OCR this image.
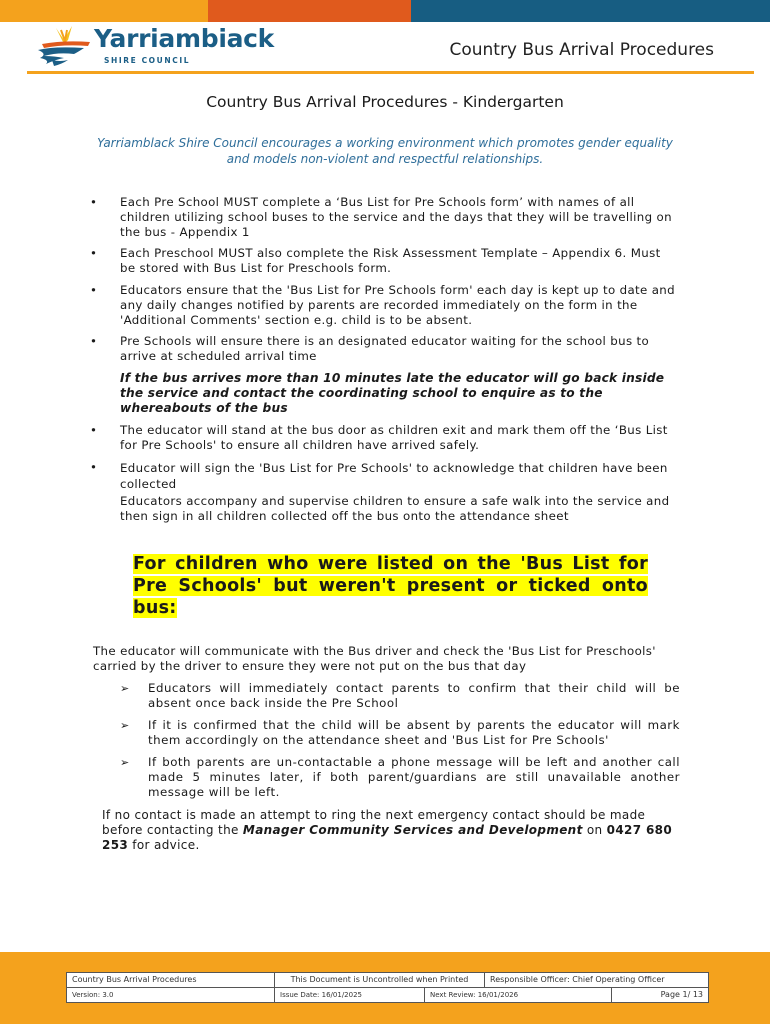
Yarriambiack
SHIRE COUNCIL
Country Bus Arrival Procedures
Country Bus Arrival Procedures - Kindergarten
Yarriamblack Shire Council encourages a working environment which promotes gender equality and models non-violent and respectful relationships.
• Each Pre School MUST complete a ‘Bus List for Pre Schools form’ with names of all children utilizing school buses to the service and the days that they will be travelling on the bus - Appendix 1
• Each Preschool MUST also complete the Risk Assessment Template – Appendix 6. Must be stored with Bus List for Preschools form.
• Educators ensure that the 'Bus List for Pre Schools form' each day is kept up to date and any daily changes notified by parents are recorded immediately on the form in the 'Additional Comments' section e.g. child is to be absent.
• Pre Schools will ensure there is an designated educator waiting for the school bus to arrive at scheduled arrival time
If the bus arrives more than 10 minutes late the educator will go back inside the service and contact the coordinating school to enquire as to the whereabouts of the bus
• The educator will stand at the bus door as children exit and mark them off the ‘Bus List for Pre Schools' to ensure all children have arrived safely.
• Educator will sign the 'Bus List for Pre Schools' to acknowledge that children have been collected
Educators accompany and supervise children to ensure a safe walk into the service and then sign in all children collected off the bus onto the attendance sheet
For children who were listed on the 'Bus List for Pre Schools' but weren't present or ticked onto bus:
The educator will communicate with the Bus driver and check the 'Bus List for Preschools' carried by the driver to ensure they were not put on the bus that day
➢ Educators will immediately contact parents to confirm that their child will be absent once back inside the Pre School
➢ If it is confirmed that the child will be absent by parents the educator will mark them accordingly on the attendance sheet and 'Bus List for Pre Schools'
➢ If both parents are un-contactable a phone message will be left and another call made 5 minutes later, if both parent/guardians are still unavailable another message will be left.
If no contact is made an attempt to ring the next emergency contact should be made before contacting the Manager Community Services and Development on 0427 680 253 for advice.
Country Bus Arrival Procedures	This Document is Uncontrolled when Printed	Responsible Officer: Chief Operating Officer
Version: 3.0	Issue Date: 16/01/2025	Next Review: 16/01/2026	Page 1/ 13
